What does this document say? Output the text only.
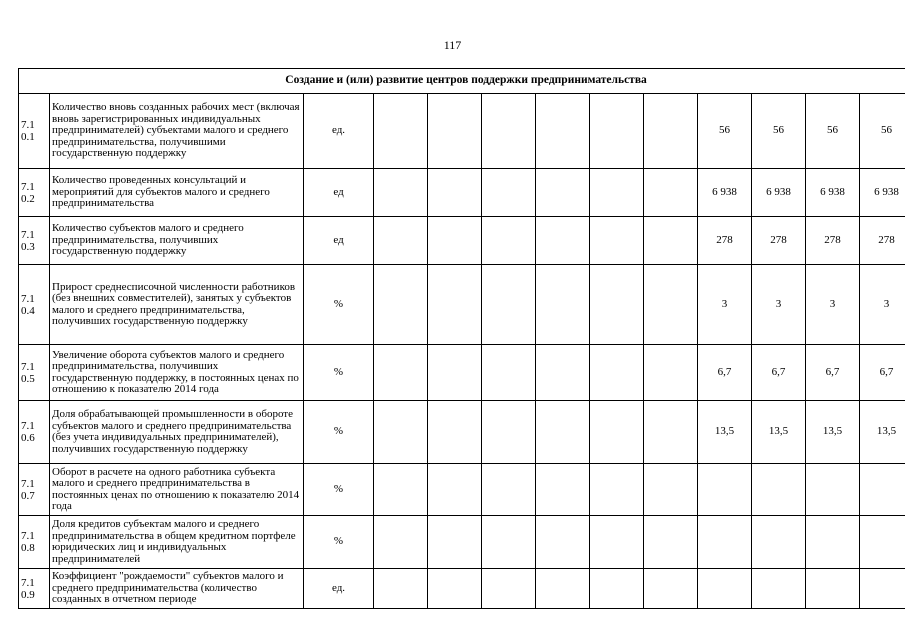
117
Создание и (или) развитие центров поддержки предпринимательства												

7.1
0.1	Количество вновь созданных рабочих мест (включая вновь зарегистрированных индивидуальных предпринимателей) субъектами малого и среднего предпринимательства, получившими государственную поддержку	ед.							56	56	56	56

7.1
0.2	Количество проведенных консультаций и мероприятий для субъектов малого и среднего предпринимательства	ед							6 938	6 938	6 938	6 938

7.1
0.3	Количество субъектов малого и среднего предпринимательства, получивших государственную поддержку	ед							278	278	278	278

7.1
0.4	Прирост среднесписочной численности работников (без внешних совместителей), занятых у субъектов малого и среднего предпринимательства, получивших государственную поддержку	%							3	3	3	3

7.1
0.5	Увеличение оборота субъектов малого и среднего предпринимательства, получивших государственную поддержку, в постоянных ценах по отношению к показателю 2014 года	%							6,7	6,7	6,7	6,7

7.1
0.6	Доля обрабатывающей промышленности в обороте субъектов малого и среднего предпринимательства (без учета индивидуальных предпринимателей), получивших государственную поддержку	%							13,5	13,5	13,5	13,5

7.1
0.7	Оборот в расчете на одного работника субъекта малого и среднего предпринимательства в постоянных ценах по отношению к показателю 2014 года	%										

7.1
0.8	Доля кредитов субъектам малого и среднего предпринимательства в общем кредитном портфеле юридических лиц и индивидуальных предпринимателей	%										

7.1
0.9	Коэффициент "рождаемости" субъектов малого и среднего предпринимательства (количество созданных в отчетном периоде	ед.										
